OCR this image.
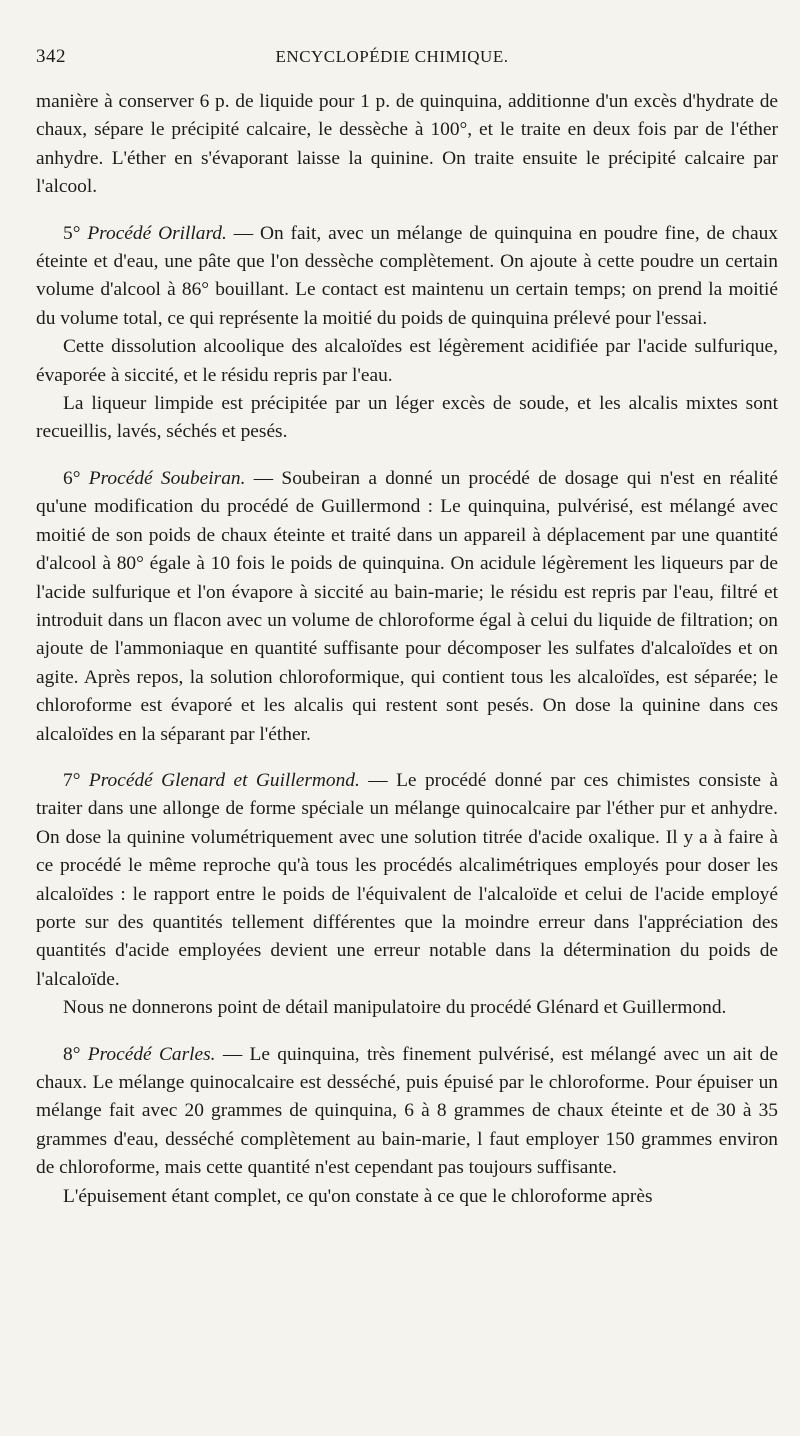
342	ENCYCLOPÉDIE CHIMIQUE.

manière à conserver 6 p. de liquide pour 1 p. de quinquina, additionne d'un excès d'hydrate de chaux, sépare le précipité calcaire, le dessèche à 100°, et le traite en deux fois par de l'éther anhydre. L'éther en s'évaporant laisse la quinine. On traite ensuite le précipité calcaire par l'alcool.

5° Procédé Orillard. — On fait, avec un mélange de quinquina en poudre fine, de chaux éteinte et d'eau, une pâte que l'on dessèche complètement. On ajoute à cette poudre un certain volume d'alcool à 86° bouillant. Le contact est maintenu un certain temps; on prend la moitié du volume total, ce qui représente la moitié du poids de quinquina prélevé pour l'essai.

Cette dissolution alcoolique des alcaloïdes est légèrement acidifiée par l'acide sulfurique, évaporée à siccité, et le résidu repris par l'eau.

La liqueur limpide est précipitée par un léger excès de soude, et les alcalis mixtes sont recueillis, lavés, séchés et pesés.

6° Procédé Soubeiran. — Soubeiran a donné un procédé de dosage qui n'est en réalité qu'une modification du procédé de Guillermond : Le quinquina, pulvérisé, est mélangé avec moitié de son poids de chaux éteinte et traité dans un appareil à déplacement par une quantité d'alcool à 80° égale à 10 fois le poids de quinquina. On acidule légèrement les liqueurs par de l'acide sulfurique et l'on évapore à siccité au bain-marie; le résidu est repris par l'eau, filtré et introduit dans un flacon avec un volume de chloroforme égal à celui du liquide de filtration; on ajoute de l'ammoniaque en quantité suffisante pour décomposer les sulfates d'alcaloïdes et on agite. Après repos, la solution chloroformique, qui contient tous les alcaloïdes, est séparée; le chloroforme est évaporé et les alcalis qui restent sont pesés. On dose la quinine dans ces alcaloïdes en la séparant par l'éther.

7° Procédé Glenard et Guillermond. — Le procédé donné par ces chimistes consiste à traiter dans une allonge de forme spéciale un mélange quinocalcaire par l'éther pur et anhydre. On dose la quinine volumétriquement avec une solution titrée d'acide oxalique. Il y a à faire à ce procédé le même reproche qu'à tous les procédés alcalimétriques employés pour doser les alcaloïdes : le rapport entre le poids de l'équivalent de l'alcaloïde et celui de l'acide employé porte sur des quantités tellement différentes que la moindre erreur dans l'appréciation des quantités d'acide employées devient une erreur notable dans la détermination du poids de l'alcaloïde.

Nous ne donnerons point de détail manipulatoire du procédé Glénard et Guillermond.

8° Procédé Carles. — Le quinquina, très finement pulvérisé, est mélangé avec un ait de chaux. Le mélange quinocalcaire est desséché, puis épuisé par le chloroforme. Pour épuiser un mélange fait avec 20 grammes de quinquina, 6 à 8 grammes de chaux éteinte et de 30 à 35 grammes d'eau, desséché complètement au bain-marie, l faut employer 150 grammes environ de chloroforme, mais cette quantité n'est cependant pas toujours suffisante.

L'épuisement étant complet, ce qu'on constate à ce que le chloroforme après
